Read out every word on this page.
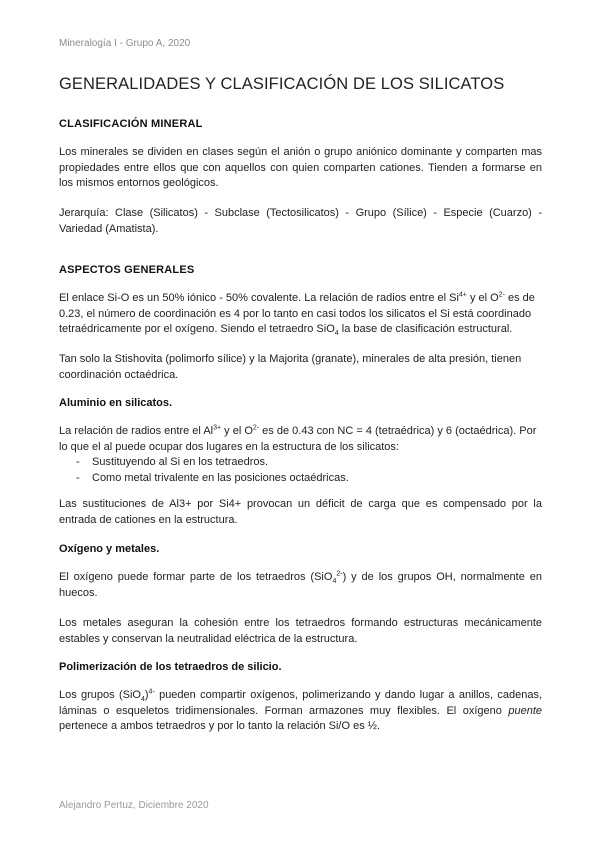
Mineralogía I - Grupo A, 2020
GENERALIDADES Y CLASIFICACIÓN DE LOS SILICATOS
CLASIFICACIÓN MINERAL

Los minerales se dividen en clases según el anión o grupo aniónico dominante y comparten mas propiedades entre ellos que con aquellos con quien comparten cationes. Tienden a formarse en los mismos entornos geológicos.

Jerarquía: Clase (Silicatos) - Subclase (Tectosilicatos) - Grupo (Sílice) - Especie (Cuarzo) - Variedad (Amatista).

ASPECTOS GENERALES

El enlace Si-O es un 50% iónico - 50% covalente. La relación de radios entre el $Si^{4+}$ y el $O^{2-}$ es de 0.23, el número de coordinación es 4 por lo tanto en casi todos los silicatos el Si está coordinado tetraédricamente por el oxígeno. Siendo el tetraedro SiO$_4$ la base de clasificación estructural.

Tan solo la Stishovita (polimorfo sílice) y la Majorita (granate), minerales de alta presión, tienen coordinación octaédrica.

Aluminio en silicatos.

La relación de radios entre el $Al^{3+}$ y el $O^{2-}$ es de 0.43 con NC = 4 (tetraédrica) y 6 (octaédrica). Por lo que el al puede ocupar dos lugares en la estructura de los silicatos:

- Sustituyendo al Si en los tetraedros.
- Como metal trivalente en las posiciones octaédricas.

Las sustituciones de Al3+ por Si4+ provocan un déficit de carga que es compensado por la entrada de cationes en la estructura.

Oxígeno y metales.

El oxígeno puede formar parte de los tetraedros (SiO$_4^{2-}$) y de los grupos OH, normalmente en huecos.

Los metales aseguran la cohesión entre los tetraedros formando estructuras mecánicamente estables y conservan la neutralidad eléctrica de la estructura.

Polimerización de los tetraedros de silicio.

Los grupos $(SiO_4)^{4-}$ pueden compartir oxígenos, polimerizando y dando lugar a anillos, cadenas, láminas o esqueletos tridimensionales. Forman armazones muy flexibles. El oxígeno puente pertenece a ambos tetraedros y por lo tanto la relación Si/O es ½.

Alejandro Pertuz, Diciembre 2020
